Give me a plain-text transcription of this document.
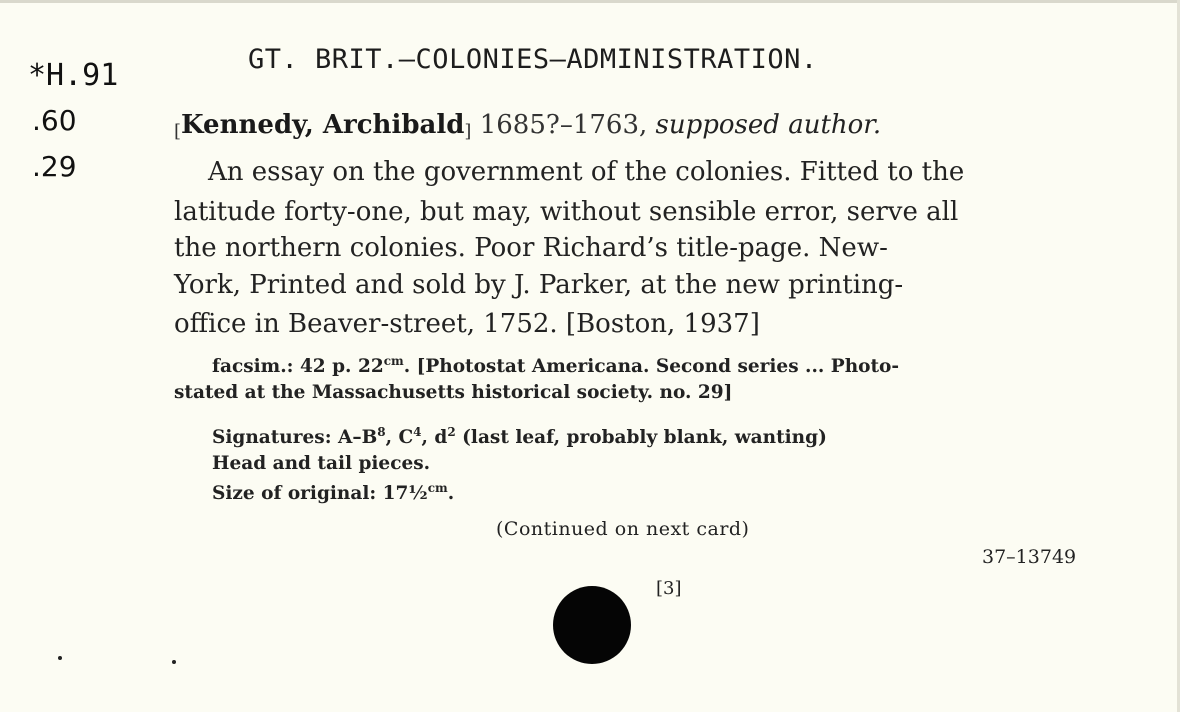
*H.91
.60
.29
GT. BRIT.—COLONIES—ADMINISTRATION.
[Kennedy, Archibald] 1685?–1763, supposed author.
An essay on the government of the colonies. Fitted to the
latitude forty-one, but may, without sensible error, serve all
the northern colonies. Poor Richard’s title-page. New-
York, Printed and sold by J. Parker, at the new printing-
office in Beaver-street, 1752. [Boston, 1937]
facsim.: 42 p. $22^{cm}$. [Photostat Americana. Second series ... Photo-
stated at the Massachusetts historical society. no. 29]
Signatures: $A-B^8$, $C^4$, $d^2$ (last leaf, probably blank, wanting)
Head and tail pieces.
Size of original: 17½$^{cm}$.
(Continued on next card)
37–13749
[3]
